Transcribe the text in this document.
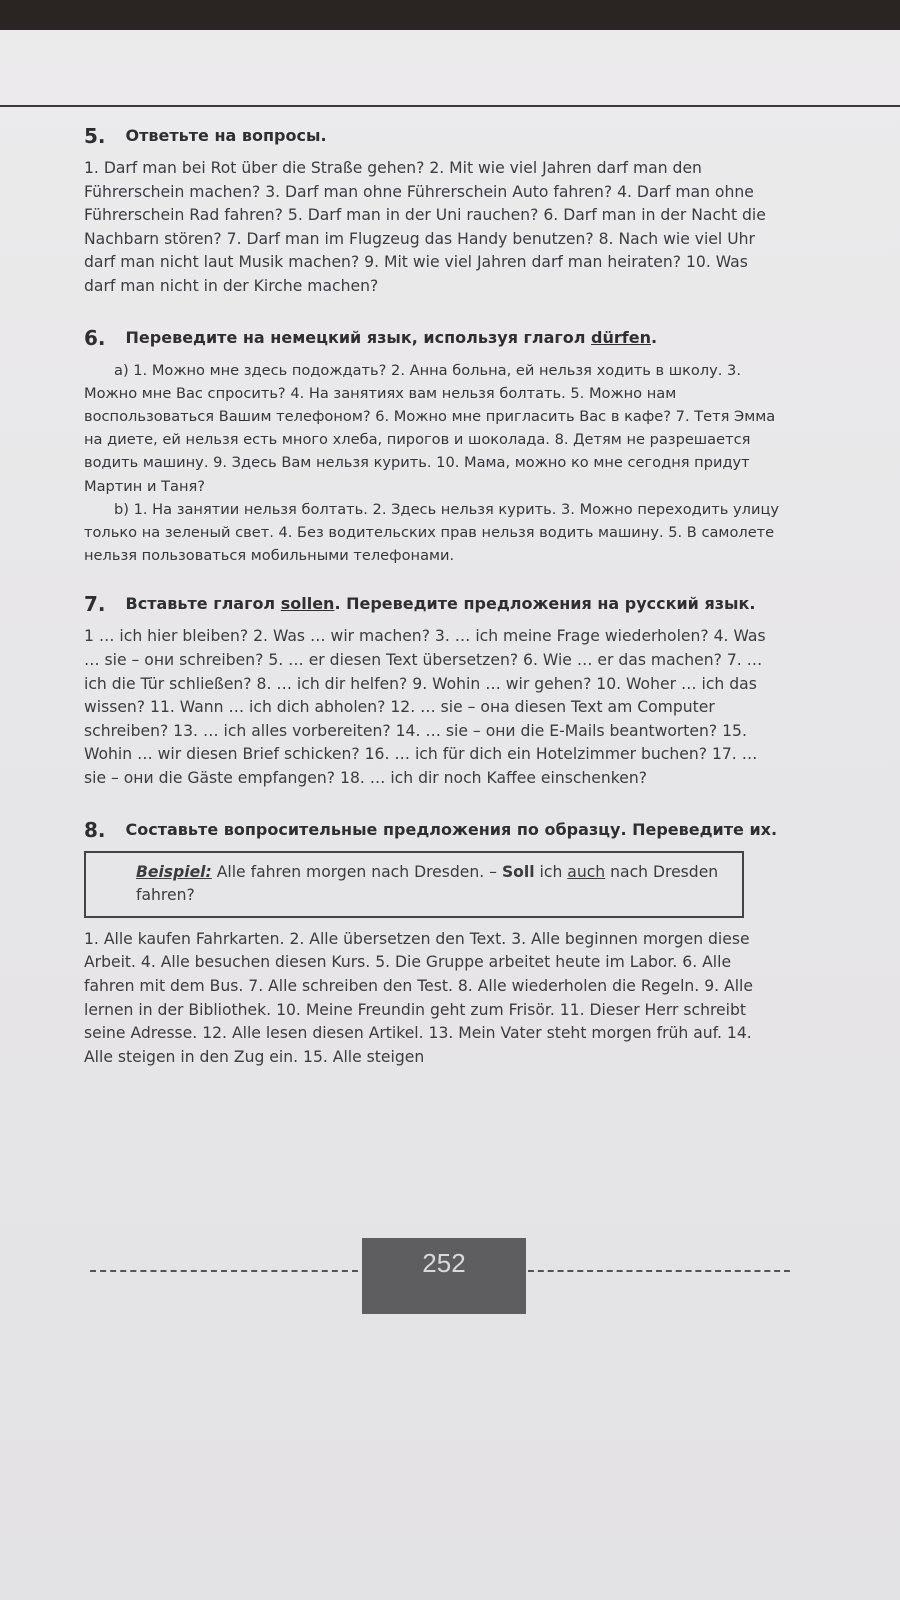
5. Ответьте на вопросы.

1. Darf man bei Rot über die Straße gehen? 2. Mit wie viel Jahren darf man den Führerschein machen? 3. Darf man ohne Führerschein Auto fahren? 4. Darf man ohne Führerschein Rad fahren? 5. Darf man in der Uni rauchen? 6. Darf man in der Nacht die Nachbarn stören? 7. Darf man im Flugzeug das Handy benutzen? 8. Nach wie viel Uhr darf man nicht laut Musik machen? 9. Mit wie viel Jahren darf man heiraten? 10. Was darf man nicht in der Kirche machen?

6. Переведите на немецкий язык, используя глагол dürfen.

а) 1. Можно мне здесь подождать? 2. Анна больна, ей нельзя ходить в школу. 3. Можно мне Вас спросить? 4. На занятиях вам нельзя болтать. 5. Можно нам воспользоваться Вашим телефоном? 6. Можно мне пригласить Вас в кафе? 7. Тетя Эмма на диете, ей нельзя есть много хлеба, пирогов и шоколада. 8. Детям не разрешается водить машину. 9. Здесь Вам нельзя курить. 10. Мама, можно ко мне сегодня придут Мартин и Таня?

b) 1. На занятии нельзя болтать. 2. Здесь нельзя курить. 3. Можно переходить улицу только на зеленый свет. 4. Без водительских прав нельзя водить машину. 5. В самолете нельзя пользоваться мобильными телефонами.

7. Вставьте глагол sollen. Переведите предложения на русский язык.

1 … ich hier bleiben? 2. Was … wir machen? 3. … ich meine Frage wiederholen? 4. Was … sie – они schreiben? 5. … er diesen Text übersetzen? 6. Wie … er das machen? 7. … ich die Tür schließen? 8. … ich dir helfen? 9. Wohin … wir gehen? 10. Woher … ich das wissen? 11. Wann … ich dich abholen? 12. … sie – она diesen Text am Computer schreiben? 13. … ich alles vorbereiten? 14. … sie – они die E-Mails beantworten? 15. Wohin … wir diesen Brief schicken? 16. … ich für dich ein Hotelzimmer buchen? 17. … sie – они die Gäste empfangen? 18. … ich dir noch Kaffee einschenken?

8. Составьте вопросительные предложения по образцу. Переведите их.
Beispiel: Alle fahren morgen nach Dresden. – Soll ich auch nach Dresden fahren?

1. Alle kaufen Fahrkarten. 2. Alle übersetzen den Text. 3. Alle beginnen morgen diese Arbeit. 4. Alle besuchen diesen Kurs. 5. Die Gruppe arbeitet heute im Labor. 6. Alle fahren mit dem Bus. 7. Alle schreiben den Test. 8. Alle wiederholen die Regeln. 9. Alle lernen in der Bibliothek. 10. Meine Freundin geht zum Frisör. 11. Dieser Herr schreibt seine Adresse. 12. Alle lesen diesen Artikel. 13. Mein Vater steht morgen früh auf. 14. Alle steigen in den Zug ein. 15. Alle steigen

252
